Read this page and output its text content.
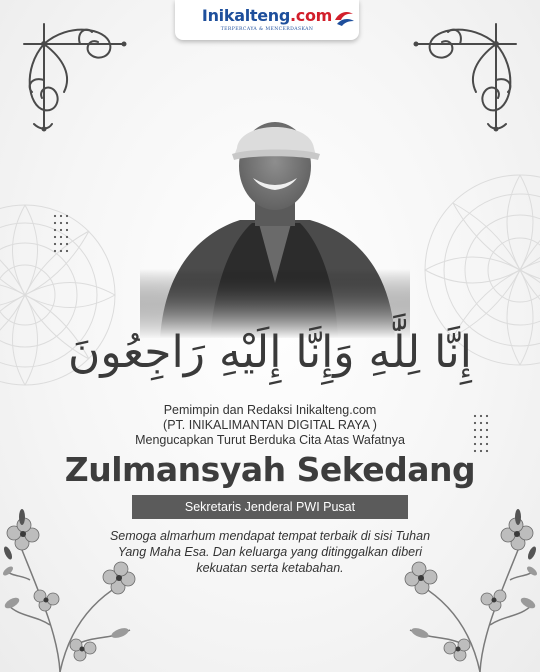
Inikalteng.com
TERPERCAYA & MENCERDASKAN
إِنَّا لِلَّٰهِ وَإِنَّا إِلَيْهِ رَاجِعُونَ
Pemimpin dan Redaksi Inikalteng.com
(PT. INIKALIMANTAN DIGITAL RAYA )
Mengucapkan Turut Berduka Cita Atas Wafatnya
Zulmansyah Sekedang
Sekretaris Jenderal PWI Pusat
Semoga almarhum mendapat tempat terbaik di sisi Tuhan
Yang Maha Esa. Dan keluarga yang ditinggalkan diberi
kekuatan serta ketabahan.
